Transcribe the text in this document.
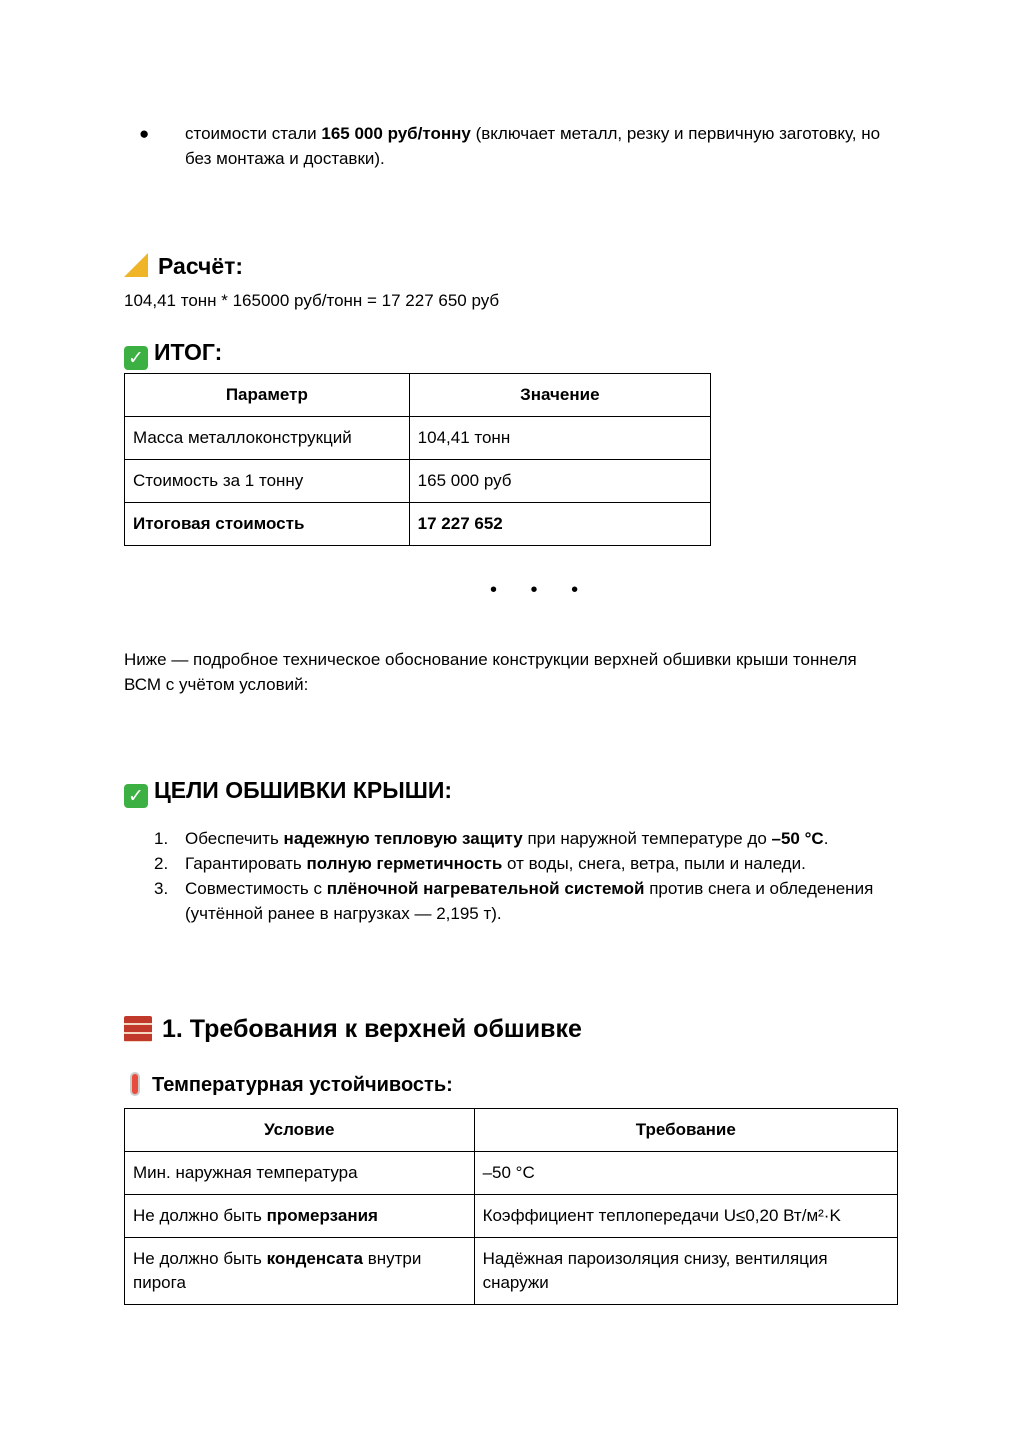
● стоимости стали 165 000 руб/тонну (включает металл, резку и первичную заготовку, но без монтажа и доставки).
Расчёт:
104,41 тонн * 165000 руб/тонн = 17 227 650 руб
✓ ИТОГ:
Параметр	Значение
Масса металлоконструкций	104,41 тонн
Стоимость за 1 тонну	165 000 руб
Итоговая стоимость	17 227 652
• • •
Ниже — подробное техническое обоснование конструкции верхней обшивки крыши тоннеля ВСМ с учётом условий:
✓ ЦЕЛИ ОБШИВКИ КРЫШИ:
1. Обеспечить надежную тепловую защиту при наружной температуре до –50 °C.
2. Гарантировать полную герметичность от воды, снега, ветра, пыли и наледи.
3. Совместимость с плёночной нагревательной системой против снега и обледенения (учтённой ранее в нагрузках — 2,195 т).
1. Требования к верхней обшивке
Температурная устойчивость:
Условие	Требование
Мин. наружная температура	–50 °C
Не должно быть промерзания	Коэффициент теплопередачи U≤0,20 Вт/м²·K
Не должно быть конденсата внутри пирога	Надёжная пароизоляция снизу, вентиляция снаружи
